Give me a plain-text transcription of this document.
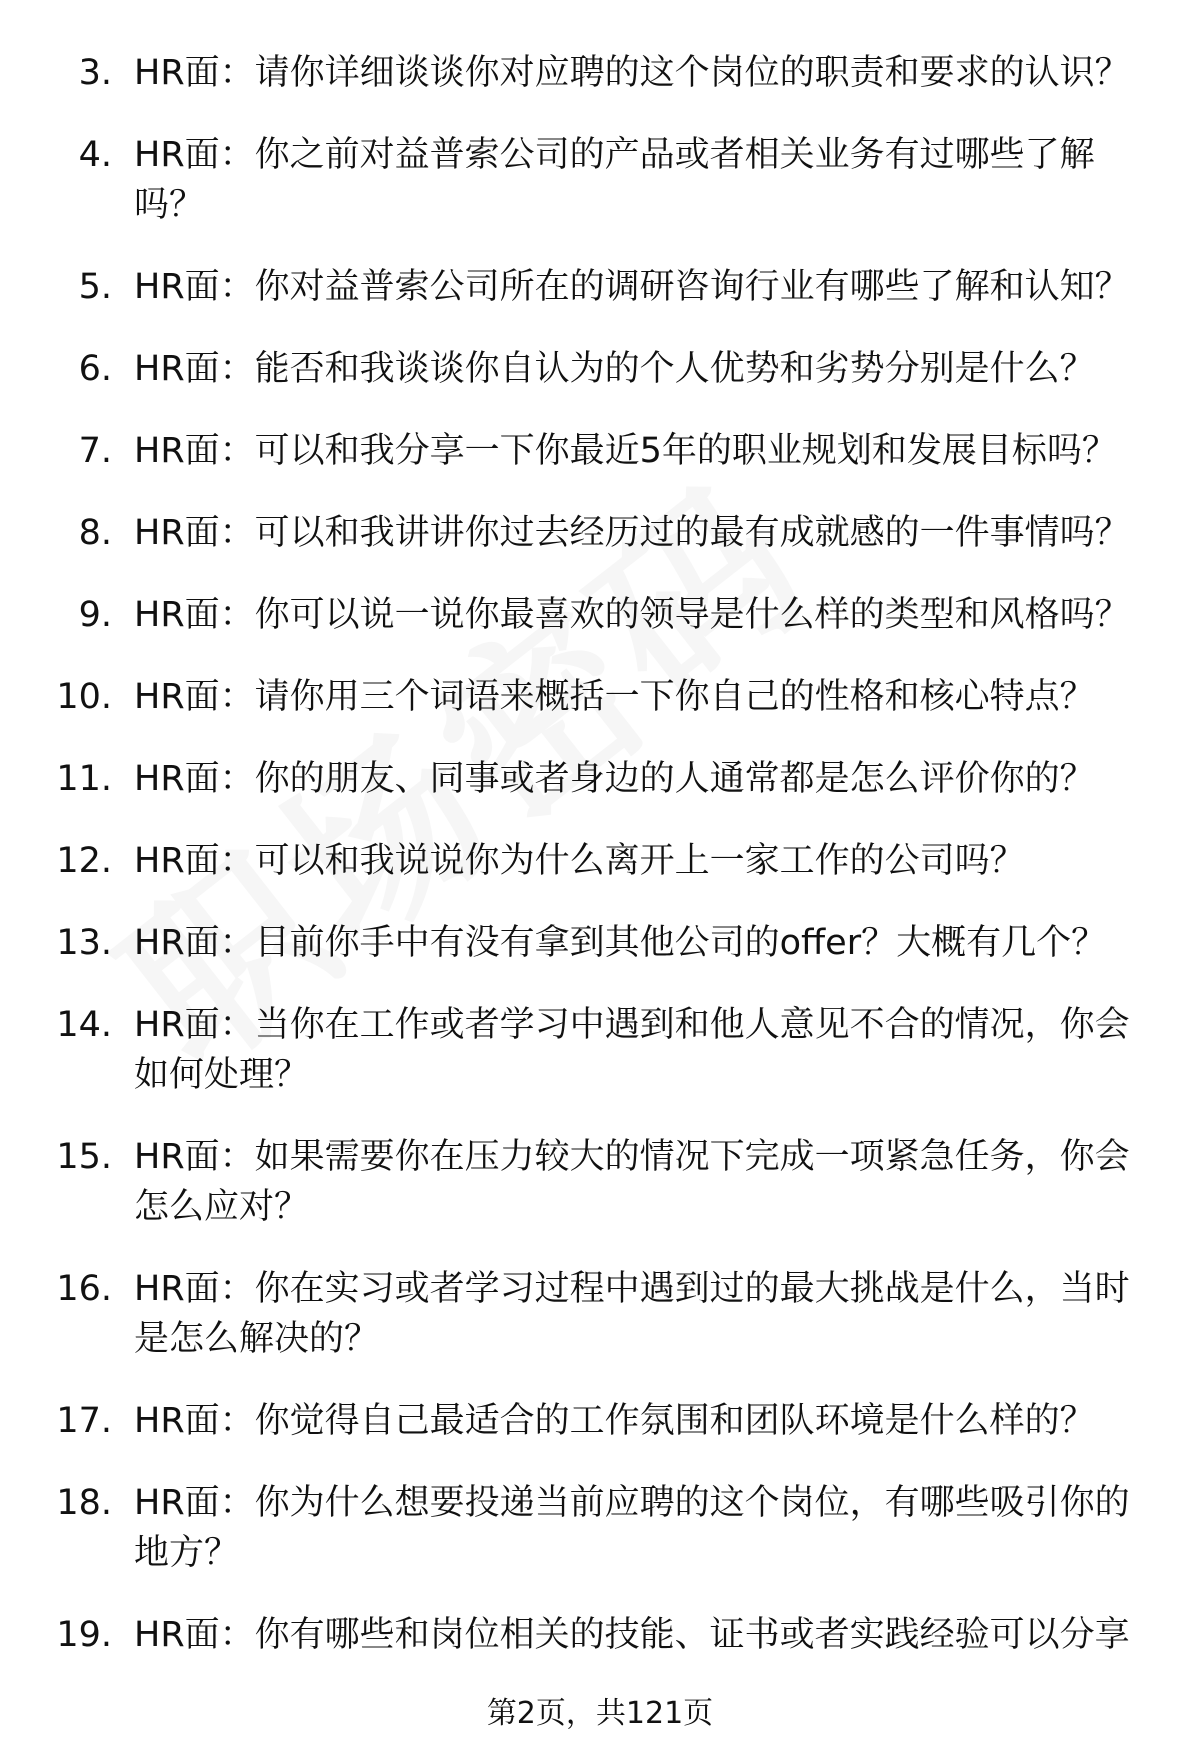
3. HR面：请你详细谈谈你对应聘的这个岗位的职责和要求的认识？
4. HR面：你之前对益普索公司的产品或者相关业务有过哪些了解吗？
5. HR面：你对益普索公司所在的调研咨询行业有哪些了解和认知？
6. HR面：能否和我谈谈你自认为的个人优势和劣势分别是什么？
7. HR面：可以和我分享一下你最近5年的职业规划和发展目标吗？
8. HR面：可以和我讲讲你过去经历过的最有成就感的一件事情吗？
9. HR面：你可以说一说你最喜欢的领导是什么样的类型和风格吗？
10. HR面：请你用三个词语来概括一下你自己的性格和核心特点？
11. HR面：你的朋友、同事或者身边的人通常都是怎么评价你的？
12. HR面：可以和我说说你为什么离开上一家工作的公司吗？
13. HR面：目前你手中有没有拿到其他公司的offer？大概有几个？
14. HR面：当你在工作或者学习中遇到和他人意见不合的情况，你会如何处理？
15. HR面：如果需要你在压力较大的情况下完成一项紧急任务，你会怎么应对？
16. HR面：你在实习或者学习过程中遇到过的最大挑战是什么，当时是怎么解决的？
17. HR面：你觉得自己最适合的工作氛围和团队环境是什么样的？
18. HR面：你为什么想要投递当前应聘的这个岗位，有哪些吸引你的地方？
19. HR面：你有哪些和岗位相关的技能、证书或者实践经验可以分享
第2页，共121页
